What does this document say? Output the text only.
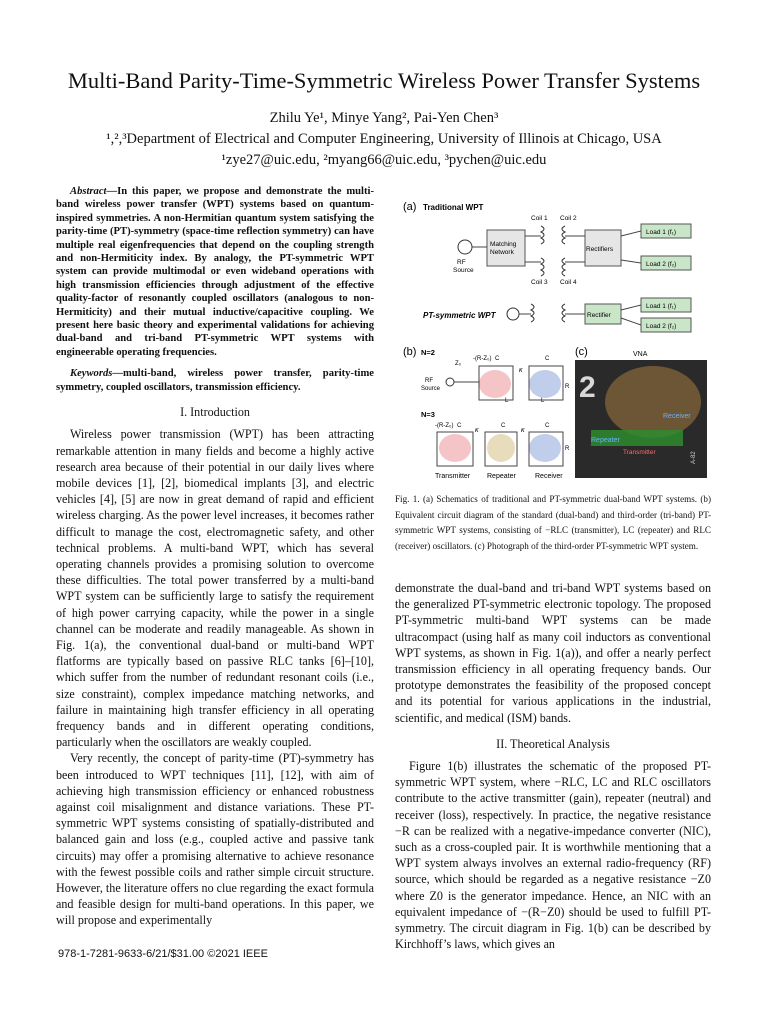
Multi-Band Parity-Time-Symmetric Wireless Power Transfer Systems
Zhilu Ye¹, Minye Yang², Pai-Yen Chen³
¹,²,³Department of Electrical and Computer Engineering, University of Illinois at Chicago, USA
¹zye27@uic.edu, ²myang66@uic.edu, ³pychen@uic.edu

Abstract—In this paper, we propose and demonstrate the multi-band wireless power transfer (WPT) systems based on quantum-inspired symmetries. A non-Hermitian quantum system satisfying the parity-time (PT)-symmetry (space-time reflection symmetry) can have multiple real eigenfrequencies that depend on the coupling strength and non-Hermiticity index. By analogy, the PT-symmetric WPT system can provide multimodal or even wideband operations with high transmission efficiencies through adjustment of the effective quality-factor of resonantly coupled oscillators (analogous to non-Hermiticity) and their mutual inductive/capacitive coupling. We present here basic theory and experimental validations for achieving dual-band and tri-band PT-symmetric WPT systems with engineerable operating frequencies.

Keywords—multi-band, wireless power transfer, parity-time symmetry, coupled oscillators, transmission efficiency.

I. Introduction

Wireless power transmission (WPT) has been attracting remarkable attention in many fields and become a highly active research area because of their potential in our daily lives where mobile devices [1], [2], biomedical implants [3], and electric vehicles [4], [5] are now in great demand of rapid and efficient wireless charging. As the power level increases, it becomes rather difficult to manage the cost, electromagnetic safety, and other technical problems. A multi-band WPT, which has several operating channels provides a promising solution to overcome these difficulties. The total power transferred by a multi-band WPT system can be sufficiently large to satisfy the requirement of high power carrying capacity, while the power in a single channel can be moderate and readily manageable. As shown in Fig. 1(a), the conventional dual-band or multi-band WPT flatforms are typically based on passive RLC tanks [6]–[10], which suffer from the number of redundant resonant coils (i.e., size constraint), complex impedance matching networks, and failure in maintaining high transfer efficiency in all operating frequency bands and in different operating conditions, particularly when the oscillators are weakly coupled.

Very recently, the concept of parity-time (PT)-symmetry has been introduced to WPT techniques [11], [12], with aim of achieving high transmission efficiency or enhanced robustness against coil misalignment and distance variations. These PT-symmetric WPT systems consisting of spatially-distributed and balanced gain and loss (e.g., coupled active and passive tank circuits) may offer a promising alternative to achieve resonance with the fewest possible coils and rather simple circuit structure. However, the literature offers no clue regarding the exact formula and feasible design for multi-band operations. In this paper, we will propose and experimentally

(a) Traditional WPT
RF
Source
Matching
Network
Coil 1 Coil 2
Coil 3 Coil 4
Rectifiers
Load 1 (f₁)
Load 2 (f₂)
PT-symmetric WPT	Rectifier
Load 1 (f₁)
Load 2 (f₂)
(b) N=2
Z₀
-(R-Z₀)
RF
Source
C	C
κ
L	L
R
N=3
-(R-Z₀)
κ	κ
C	C	C
R
Transmitter Repeater	Receiver
(c)	VNA
2
A-82
Receiver
Repeater
Transmitter
Fig. 1. (a) Schematics of traditional and PT-symmetric dual-band WPT systems. (b) Equivalent circuit diagram of the standard (dual-band) and third-order (tri-band) PT-symmetric WPT systems, consisting of −RLC (transmitter), LC (repeater) and RLC (receiver) oscillators. (c) Photograph of the third-order PT-symmetric WPT system.

demonstrate the dual-band and tri-band WPT systems based on the generalized PT-symmetric electronic topology. The proposed PT-symmetric multi-band WPT systems can be made ultracompact (using half as many coil inductors as conventional WPT systems, as shown in Fig. 1(a)), and offer a nearly perfect transmission efficiency in all operating frequency bands. Our prototype demonstrates the feasibility of the proposed concept and its potential for various applications in the industrial, scientific, and medical (ISM) bands.

II. Theoretical Analysis

Figure 1(b) illustrates the schematic of the proposed PT-symmetric WPT system, where −RLC, LC and RLC oscillators contribute to the active transmitter (gain), repeater (neutral) and receiver (loss), respectively. In practice, the negative resistance −R can be realized with a negative-impedance converter (NIC), such as a cross-coupled pair. It is worthwhile mentioning that a WPT system always involves an external radio-frequency (RF) source, which should be regarded as a negative resistance −Z0 where Z0 is the generator impedance. Hence, an NIC with an equivalent impedance of −(R−Z0) should be used to fulfill PT-symmetry. The circuit diagram in Fig. 1(b) can be described by Kirchhoff’s laws, which gives an

978-1-7281-9633-6/21/$31.00 ©2021 IEEE
